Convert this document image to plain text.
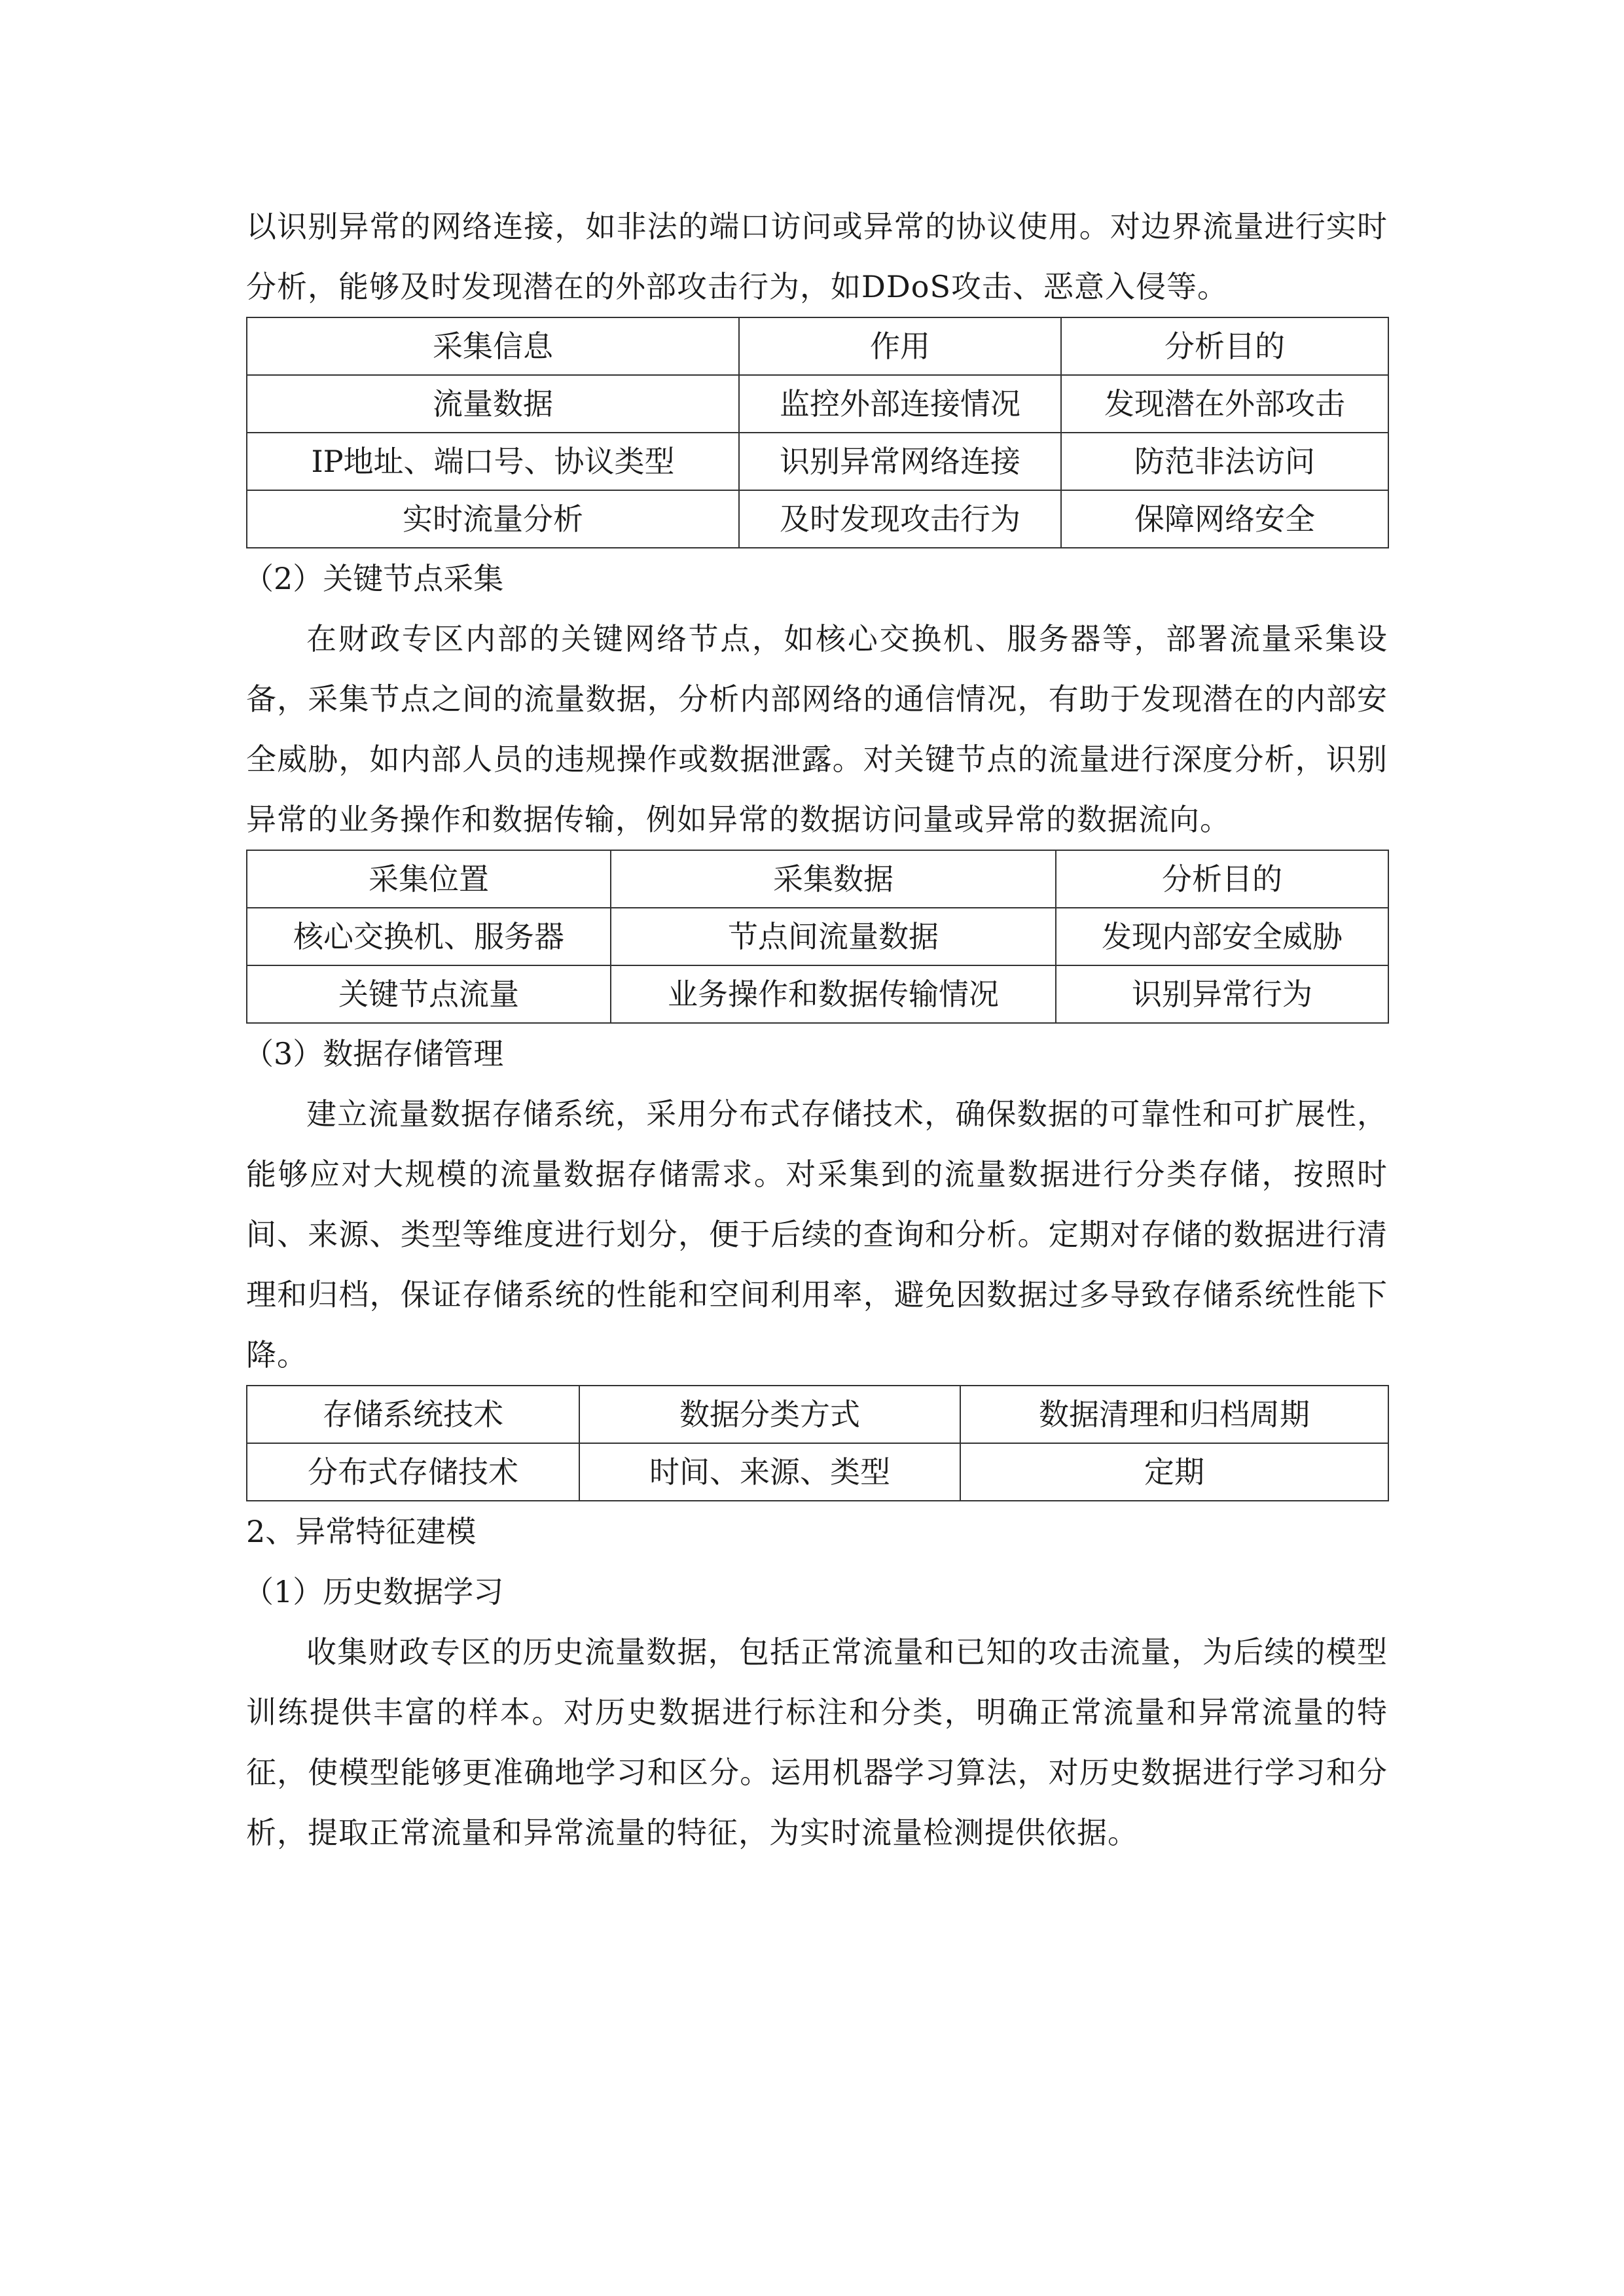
以识别异常的网络连接，如非法的端口访问或异常的协议使用。对边界流量进行实时分析，能够及时发现潜在的外部攻击行为，如DDoS攻击、恶意入侵等。

采集信息	作用	分析目的
流量数据	监控外部连接情况	发现潜在外部攻击
IP地址、端口号、协议类型	识别异常网络连接	防范非法访问
实时流量分析	及时发现攻击行为	保障网络安全
（2）关键节点采集

在财政专区内部的关键网络节点，如核心交换机、服务器等，部署流量采集设备，采集节点之间的流量数据，分析内部网络的通信情况，有助于发现潜在的内部安全威胁，如内部人员的违规操作或数据泄露。对关键节点的流量进行深度分析，识别异常的业务操作和数据传输，例如异常的数据访问量或异常的数据流向。

采集位置	采集数据	分析目的
核心交换机、服务器	节点间流量数据	发现内部安全威胁
关键节点流量	业务操作和数据传输情况	识别异常行为
（3）数据存储管理

建立流量数据存储系统，采用分布式存储技术，确保数据的可靠性和可扩展性，能够应对大规模的流量数据存储需求。对采集到的流量数据进行分类存储，按照时间、来源、类型等维度进行划分，便于后续的查询和分析。定期对存储的数据进行清理和归档，保证存储系统的性能和空间利用率，避免因数据过多导致存储系统性能下降。

存储系统技术	数据分类方式	数据清理和归档周期
分布式存储技术	时间、来源、类型	定期
2、异常特征建模
（1）历史数据学习

收集财政专区的历史流量数据，包括正常流量和已知的攻击流量，为后续的模型训练提供丰富的样本。对历史数据进行标注和分类，明确正常流量和异常流量的特征，使模型能够更准确地学习和区分。运用机器学习算法，对历史数据进行学习和分析，提取正常流量和异常流量的特征，为实时流量检测提供依据。
